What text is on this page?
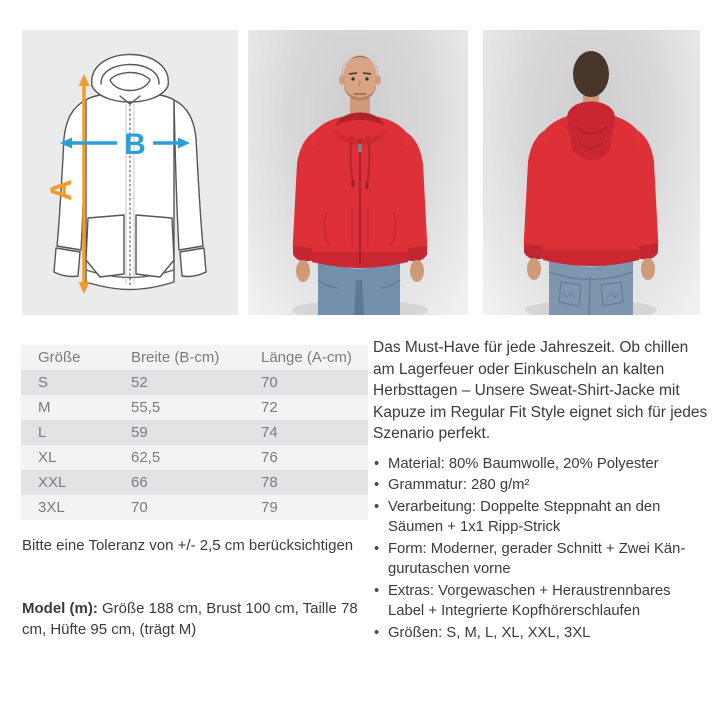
A
B
Größe	Breite (B-cm)	Länge (A-cm)
S	52	70
M	55,5	72
L	59	74
XL	62,5	76
XXL	66	78
3XL	70	79
Bitte eine Toleranz von +/- 2,5 cm berücksichtigen

Model (m): Größe 188 cm, Brust 100 cm, Taille 78 cm, Hüfte 95 cm, (trägt M)

Das Must-Have für jede Jahreszeit. Ob chillen am Lagerfeuer oder Einkuscheln an kalten Herbsttagen – Unsere Sweat-Shirt-Jacke mit Kapuze im Regular Fit Style eignet sich für jedes Szenario perfekt.

• Material: 80% Baumwolle, 20% Polyester
• Grammatur: 280 g/m²
• Verarbeitung: Doppelte Steppnaht an den Säumen + 1x1 Ripp-Strick
• Form: Moderner, gerader Schnitt + Zwei Kängurutaschen vorne
• Extras: Vorgewaschen + Heraustrennbares Label + Integrierte Kopfhörerschlaufen
• Größen: S, M, L, XL, XXL, 3XL
